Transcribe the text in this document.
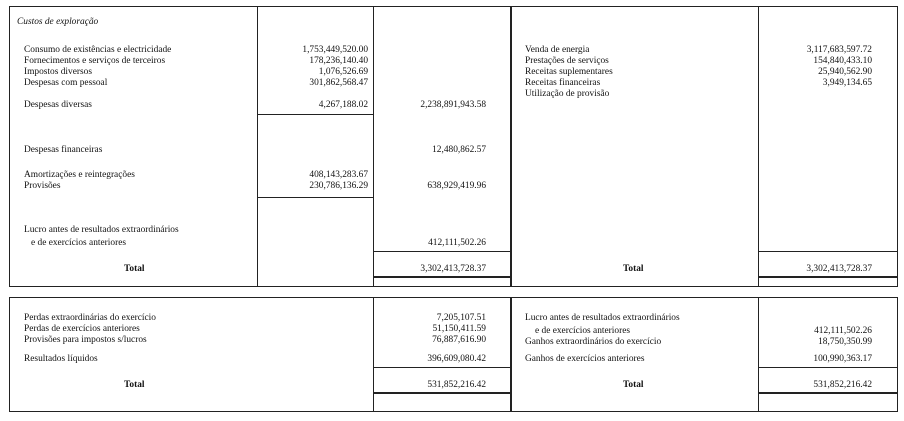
Custos de exploração
Consumo de existências e electricidade	1,753,449,520.00
Fornecimentos e serviços de terceiros	178,236,140.40
Impostos diversos	1,076,526.69
Despesas com pessoal	301,862,568.47
Despesas diversas	4,267,188.02	2,238,891,943.58
Despesas financeiras	12,480,862.57
Amortizações e reintegrações	408,143,283.67
Provisões	230,786,136.29	638,929,419.96
Lucro antes de resultados extraordinários
e de exercícios anteriores	412,111,502.26
Total	3,302,413,728.37
Venda de energia	3,117,683,597.72
Prestações de serviços	154,840,433.10
Receitas suplementares	25,940,562.90
Receitas financeiras	3,949,134.65
Utilização de provisão
Total	3,302,413,728.37
Perdas extraordinárias do exercício	7,205,107.51
Perdas de exercícios anteriores	51,150,411.59
Provisões para impostos s/lucros	76,887,616.90
Resultados líquidos	396,609,080.42
Total	531,852,216.42
Lucro antes de resultados extraordinários
e de exercícios anteriores	412,111,502.26
Ganhos extraordinários do exercício	18,750,350.99
Ganhos de exercícios anteriores	100,990,363.17
Total	531,852,216.42
